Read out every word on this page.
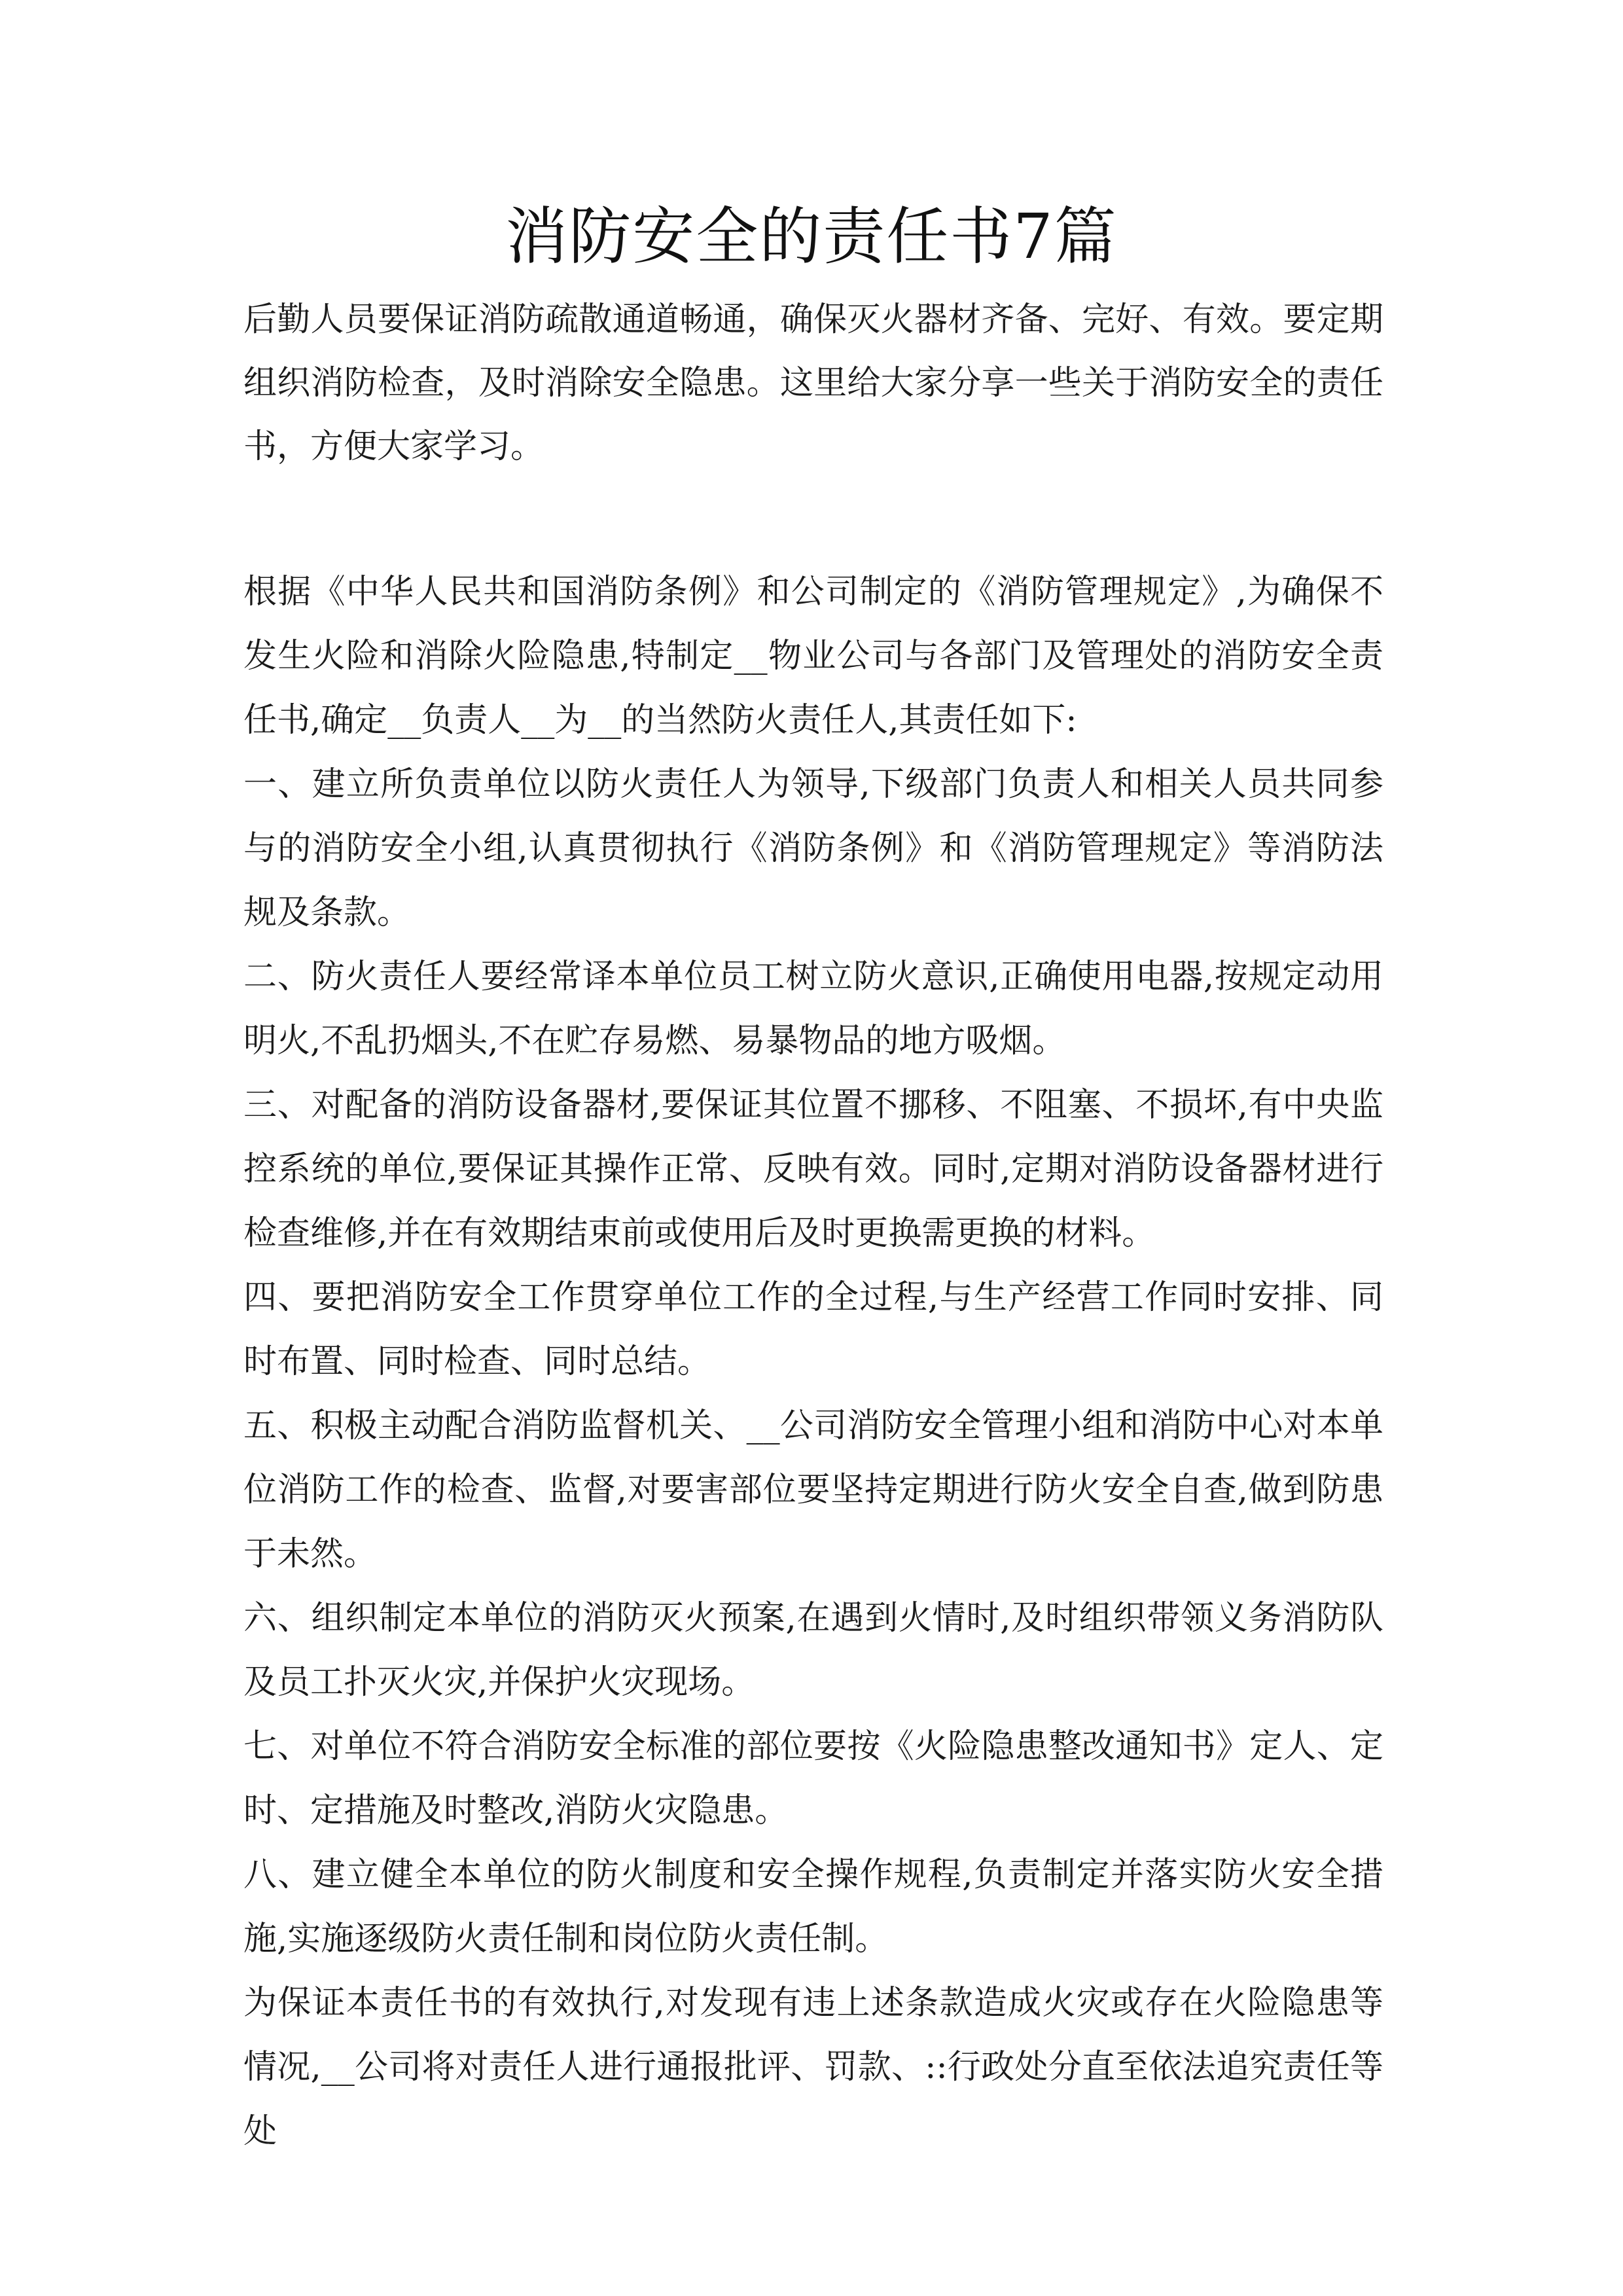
消防安全的责任书7篇

后勤人员要保证消防疏散通道畅通，确保灭火器材齐备、完好、有效。要定期组织消防检查，及时消除安全隐患。这里给大家分享一些关于消防安全的责任书，方便大家学习。

根据《中华人民共和国消防条例》和公司制定的《消防管理规定》,为确保不发生火险和消除火险隐患,特制定__物业公司与各部门及管理处的消防安全责任书,确定__负责人__为__的当然防火责任人,其责任如下:

一、建立所负责单位以防火责任人为领导,下级部门负责人和相关人员共同参与的消防安全小组,认真贯彻执行《消防条例》和《消防管理规定》等消防法规及条款。

二、防火责任人要经常译本单位员工树立防火意识,正确使用电器,按规定动用明火,不乱扔烟头,不在贮存易燃、易暴物品的地方吸烟。

三、对配备的消防设备器材,要保证其位置不挪移、不阻塞、不损坏,有中央监控系统的单位,要保证其操作正常、反映有效。同时,定期对消防设备器材进行检查维修,并在有效期结束前或使用后及时更换需更换的材料。

四、要把消防安全工作贯穿单位工作的全过程,与生产经营工作同时安排、同时布置、同时检查、同时总结。

五、积极主动配合消防监督机关、__公司消防安全管理小组和消防中心对本单位消防工作的检查、监督,对要害部位要坚持定期进行防火安全自查,做到防患于未然。

六、组织制定本单位的消防灭火预案,在遇到火情时,及时组织带领义务消防队及员工扑灭火灾,并保护火灾现场。

七、对单位不符合消防安全标准的部位要按《火险隐患整改通知书》定人、定时、定措施及时整改,消防火灾隐患。

八、建立健全本单位的防火制度和安全操作规程,负责制定并落实防火安全措施,实施逐级防火责任制和岗位防火责任制。

为保证本责任书的有效执行,对发现有违上述条款造成火灾或存在火险隐患等情况,__公司将对责任人进行通报批评、罚款、::行政处分直至依法追究责任等处
